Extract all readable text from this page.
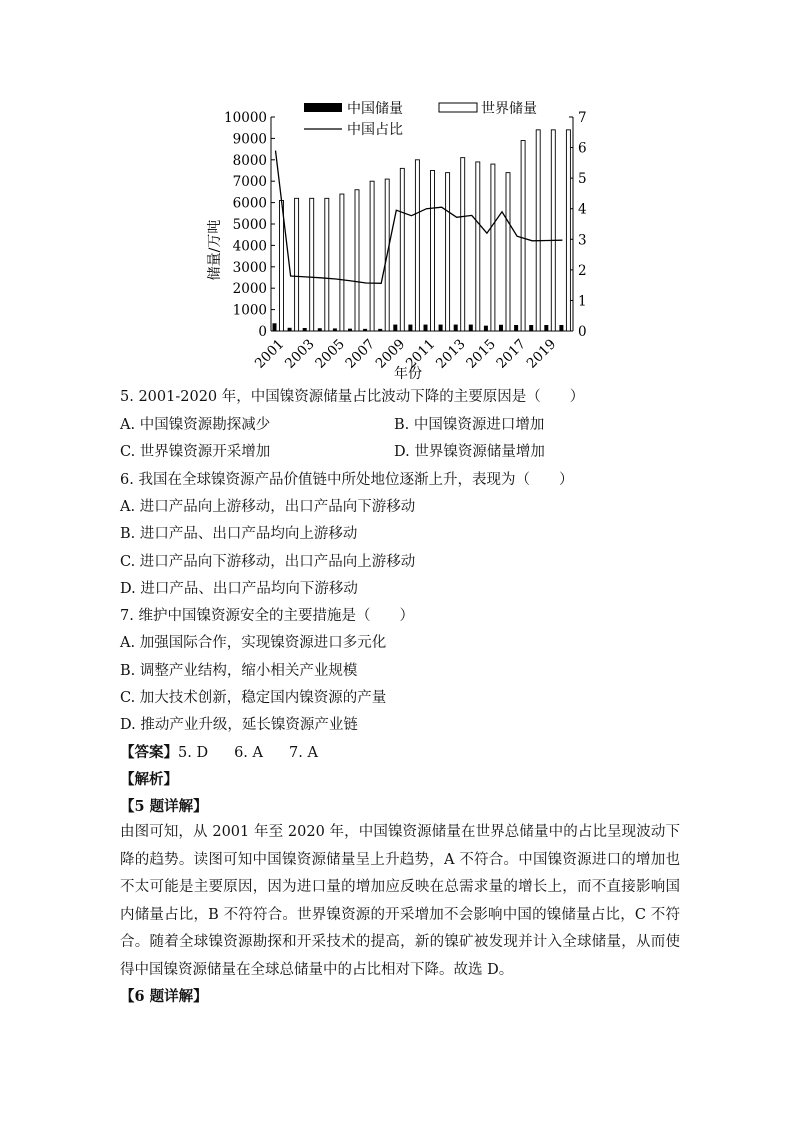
中国储量	世界储量
中国占比
0
1000
2000
3000
4000
5000
6000
7000
8000
9000
10000
0
1
2
3
4
5
6
7
2001
2003
2005
2007
2009
2011
2013
2015
2017
2019
储量/万吨
年份
5. 2001-2020 年，中国镍资源储量占比波动下降的主要原因是（　　）
A. 中国镍资源勘探减少	B. 中国镍资源进口增加
C. 世界镍资源开采增加	D. 世界镍资源储量增加
6. 我国在全球镍资源产品价值链中所处地位逐渐上升，表现为（　　）
A. 进口产品向上游移动，出口产品向下游移动
B. 进口产品、出口产品均向上游移动
C. 进口产品向下游移动，出口产品向上游移动
D. 进口产品、出口产品均向下游移动
7. 维护中国镍资源安全的主要措施是（　　）
A. 加强国际合作，实现镍资源进口多元化
B. 调整产业结构，缩小相关产业规模
C. 加大技术创新，稳定国内镍资源的产量
D. 推动产业升级，延长镍资源产业链
【答案】5. D 6. A 7. A
【解析】
【5 题详解】
由图可知，从 2001 年至 2020 年，中国镍资源储量在世界总储量中的占比呈现波动下降的趋势。读图可知中国镍资源储量呈上升趋势，A 不符合。中国镍资源进口的增加也不太可能是主要原因，因为进口量的增加应反映在总需求量的增长上，而不直接影响国内储量占比，B 不符符合。世界镍资源的开采增加不会影响中国的镍储量占比，C 不符合。随着全球镍资源勘探和开采技术的提高，新的镍矿被发现并计入全球储量，从而使得中国镍资源储量在全球总储量中的占比相对下降。故选 D。
【6 题详解】
